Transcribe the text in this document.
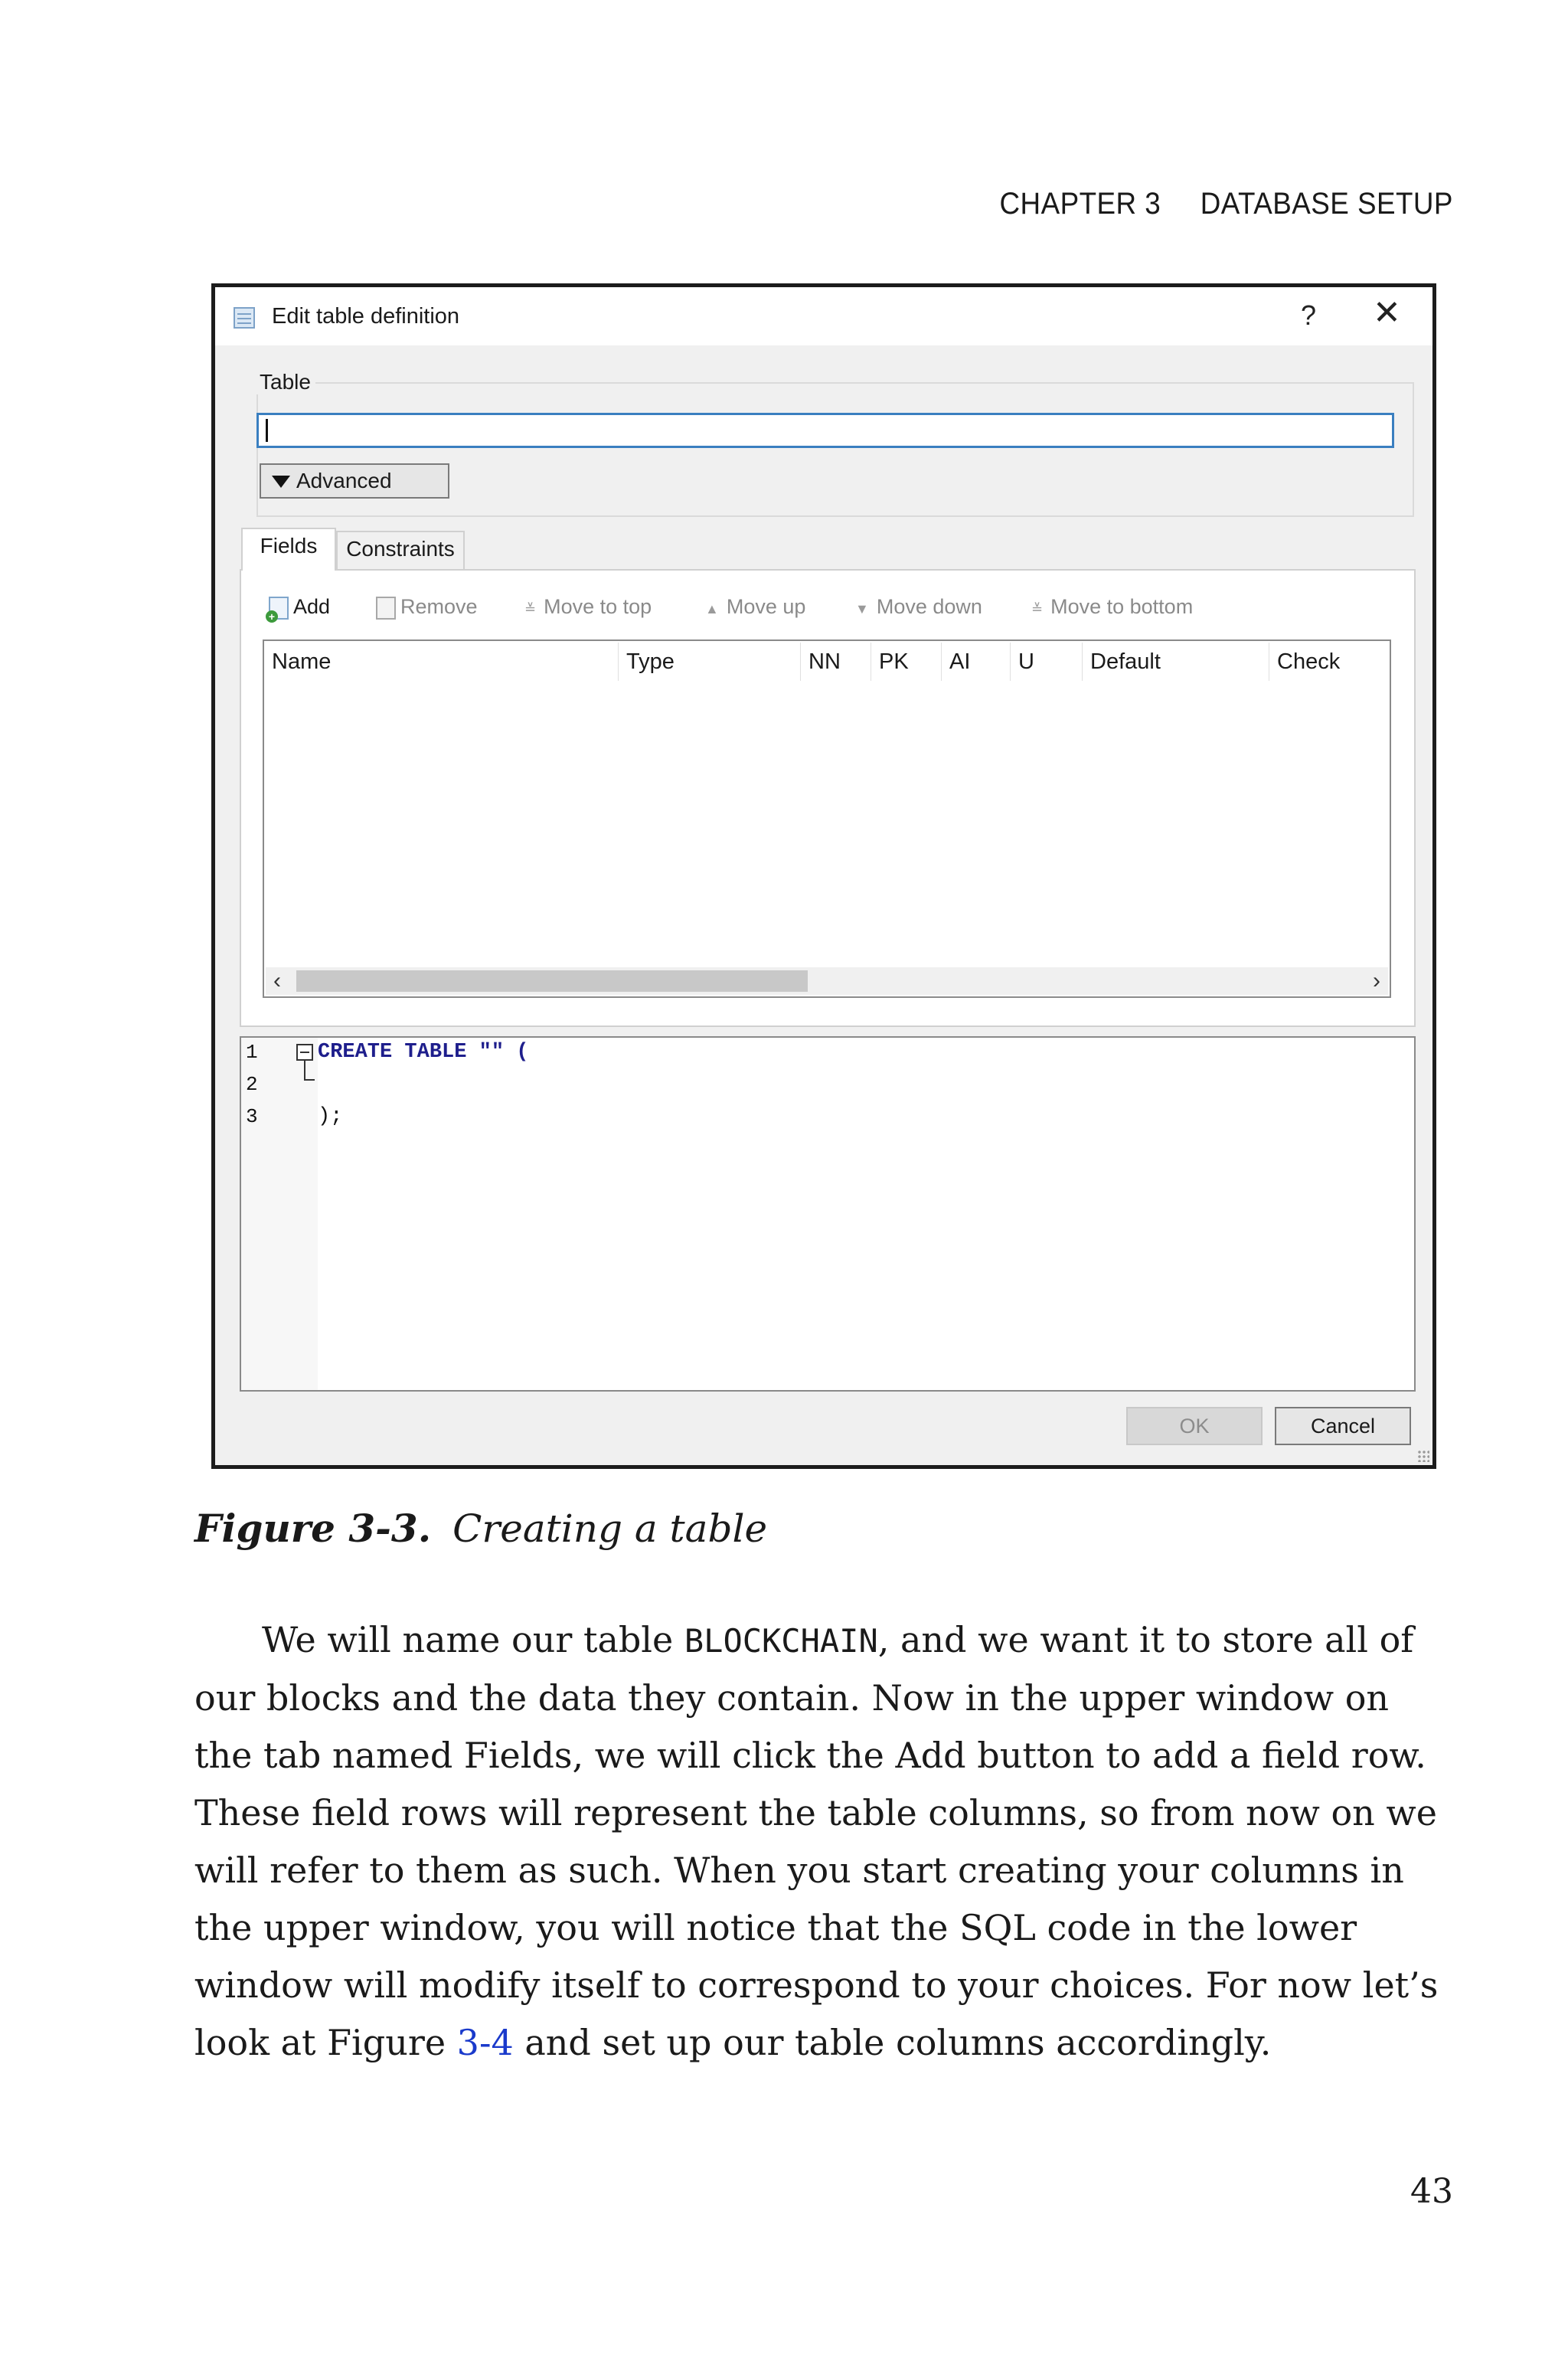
CHAPTER 3 DATABASE SETUP
Edit table definition	? ✕
Table
Advanced
Fields	Constraints
+ Add	Remove	≚ Move to top	▲ Move up	▼ Move down	≚ Move to bottom
Name	Type	NN	PK	AI	U	Default	Check
‹	›
1
2
3
CREATE TABLE "" (
);
OK	Cancel
Figure 3-3. Creating a table

We will name our table BLOCKCHAIN, and we want it to store all of our blocks and the data they contain. Now in the upper window on the tab named Fields, we will click the Add button to add a field row. These field rows will represent the table columns, so from now on we will refer to them as such. When you start creating your columns in the upper window, you will notice that the SQL code in the lower window will modify itself to correspond to your choices. For now let’s look at Figure 3-4 and set up our table columns accordingly.

43
